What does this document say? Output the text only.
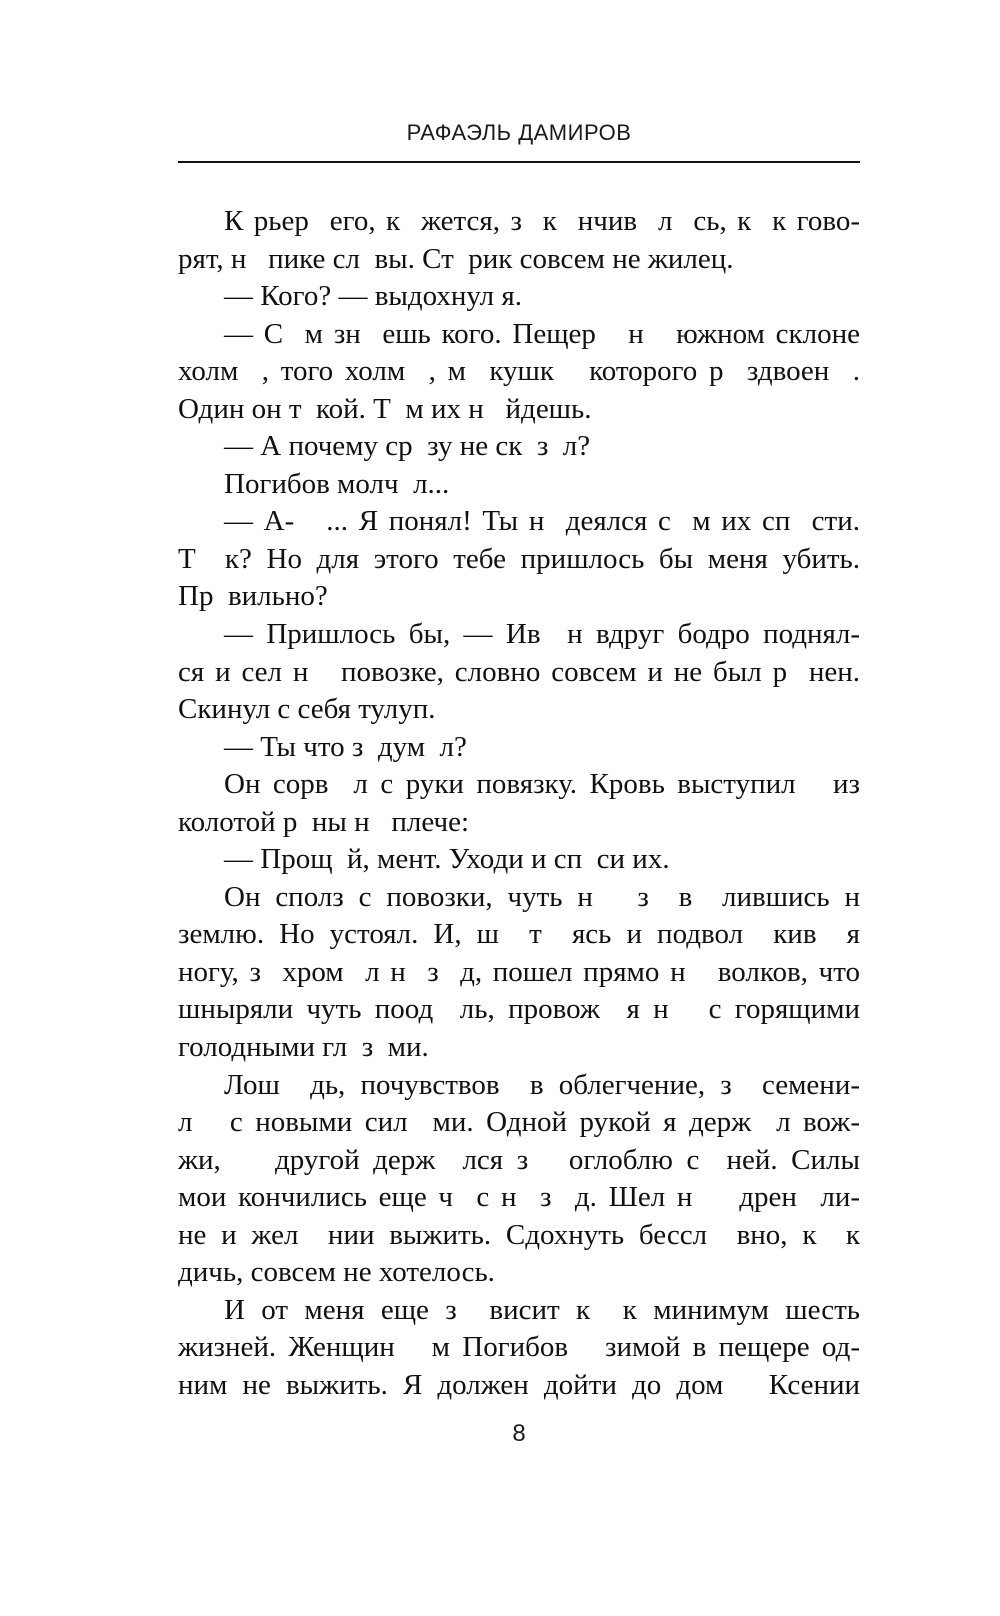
РАФАЭЛЬ ДАМИРОВ
К рьер  его, к  жется, з  к  нчив  л  сь, к  к гово-
рят, н   пике сл  вы. Ст  рик совсем не жилец.
— Кого? — выдохнул я.
— С  м зн  ешь кого. Пещер   н   южном склоне
холм  , того холм  , м  кушк   которого р  здвоен  .
Один он т  кой. Т  м их н   йдешь.
— А почему ср  зу не ск  з  л?
Погибов молч  л...
— А-   ... Я понял! Ты н  деялся с  м их сп  сти.
Т  к? Но для этого тебе пришлось бы меня убить.
Пр  вильно?
— Пришлось бы, — Ив  н вдруг бодро поднял-
ся и сел н   повозке, словно совсем и не был р  нен.
Скинул с себя тулуп.
— Ты что з  дум  л?
Он сорв  л с руки повязку. Кровь выступил   из
колотой р  ны н   плече:
— Прощ  й, мент. Уходи и сп  си их.
Он сполз с повозки, чуть н   з  в  лившись н
землю. Но устоял. И, ш  т  ясь и подвол  кив  я
ногу, з  хром  л н  з  д, пошел прямо н   волков, что
шныряли чуть поод  ль, провож  я н   с горящими
голодными гл  з  ми.
Лош  дь, почувствов  в облегчение, з  семени-
л   с новыми сил  ми. Одной рукой я держ  л вож-
жи,    другой держ  лся з   оглоблю с  ней. Силы
мои кончились еще ч  с н  з  д. Шел н    дрен  ли-
не и жел  нии выжить. Сдохнуть бессл  вно, к  к
дичь, совсем не хотелось.
И от меня еще з  висит к  к минимум шесть
жизней. Женщин   м Погибов   зимой в пещере од-
ним не выжить. Я должен дойти до дом   Ксении
8
